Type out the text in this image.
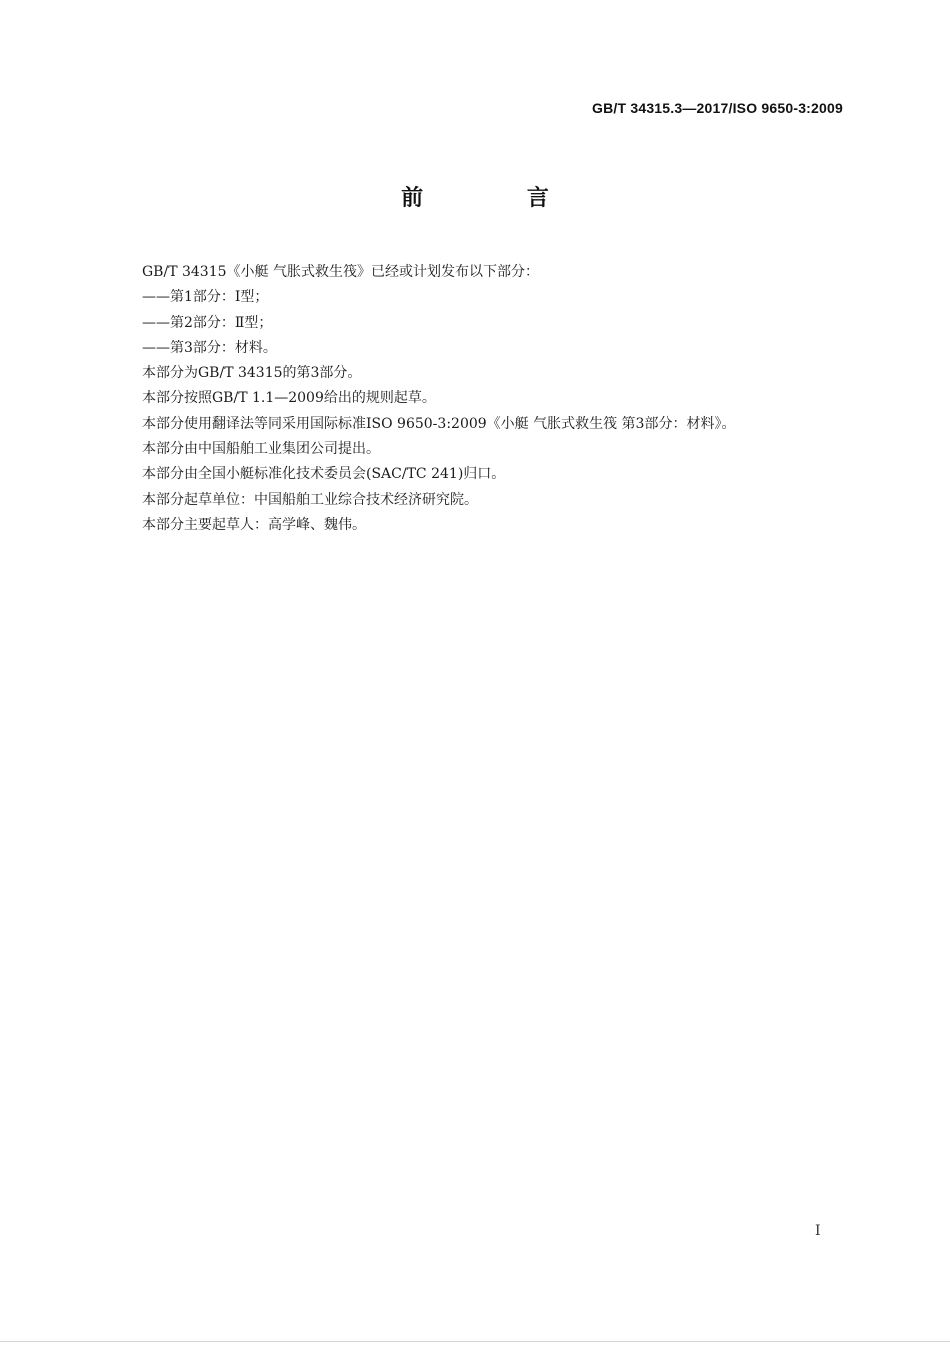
GB/T 34315.3—2017/ISO 9650-3:2009
前 言

GB/T 34315《小艇 气胀式救生筏》已经或计划发布以下部分：

——第1部分：Ⅰ型；

——第2部分：Ⅱ型；

——第3部分：材料。

本部分为GB/T 34315的第3部分。

本部分按照GB/T 1.1—2009给出的规则起草。

本部分使用翻译法等同采用国际标准ISO 9650-3:2009《小艇 气胀式救生筏 第3部分：材料》。

本部分由中国船舶工业集团公司提出。

本部分由全国小艇标准化技术委员会(SAC/TC 241)归口。

本部分起草单位：中国船舶工业综合技术经济研究院。

本部分主要起草人：高学峰、魏伟。

I
